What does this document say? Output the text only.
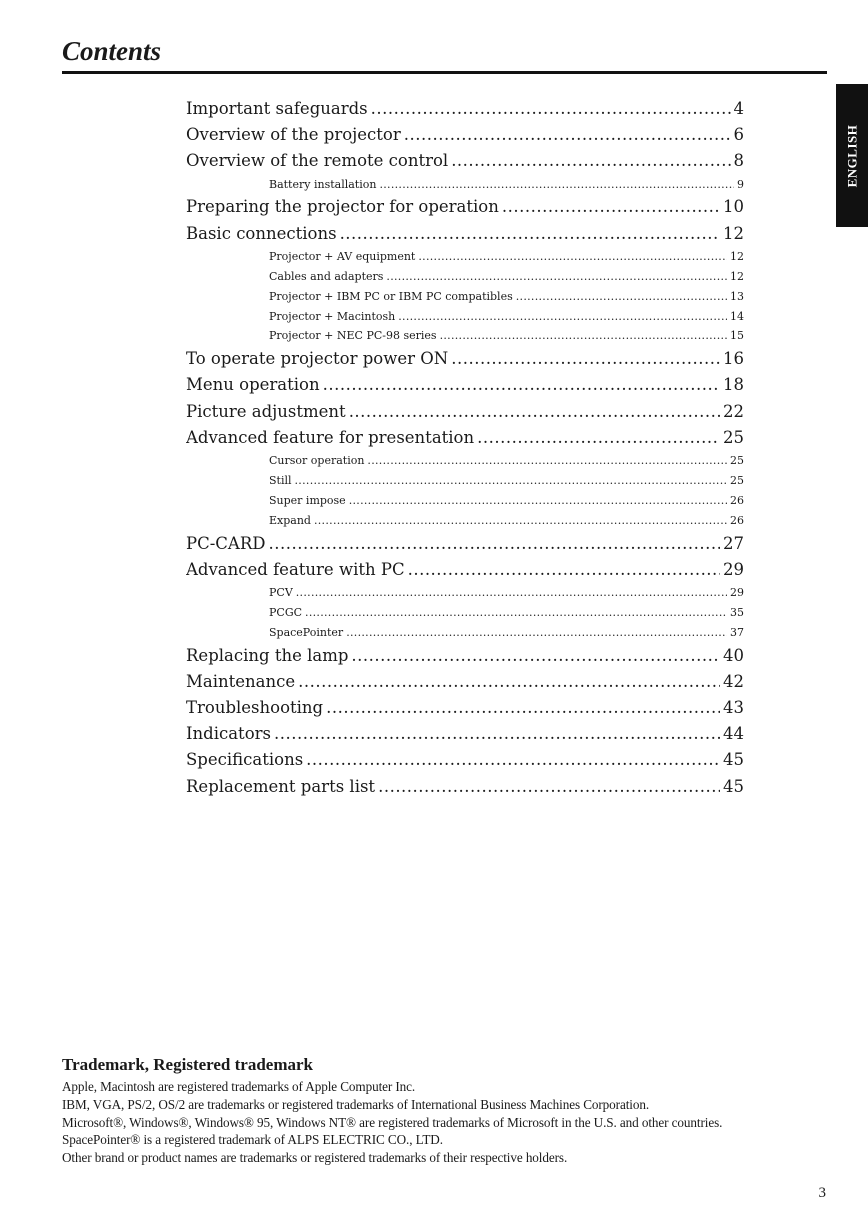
Contents
ENGLISH
Important safeguards .....	4
Overview of the projector .....	6
Overview of the remote control .....	8
Battery installation .....	9
Preparing the projector for operation .....	10
Basic connections .....	12
Projector + AV equipment .....	12
Cables and adapters .....	12
Projector + IBM PC or IBM PC compatibles .....	13
Projector + Macintosh .....	14
Projector + NEC PC-98 series .....	15
To operate projector power ON .....	16
Menu operation .....	18
Picture adjustment .....	22
Advanced feature for presentation .....	25
Cursor operation .....	25
Still .....	25
Super impose .....	26
Expand .....	26
PC-CARD .....	27
Advanced feature with PC .....	29
PCV .....	29
PCGC .....	35
SpacePointer .....	37
Replacing the lamp .....	40
Maintenance .....	42
Troubleshooting .....	43
Indicators .....	44
Specifications .....	45
Replacement parts list .....	45
Trademark, Registered trademark

Apple, Macintosh are registered trademarks of Apple Computer Inc.

IBM, VGA, PS/2, OS/2 are trademarks or registered trademarks of International Business Machines Corporation.

Microsoft®, Windows®, Windows® 95, Windows NT® are registered trademarks of Microsoft in the U.S. and other countries.

SpacePointer® is a registered trademark of ALPS ELECTRIC CO., LTD.

Other brand or product names are trademarks or registered trademarks of their respective holders.

3
